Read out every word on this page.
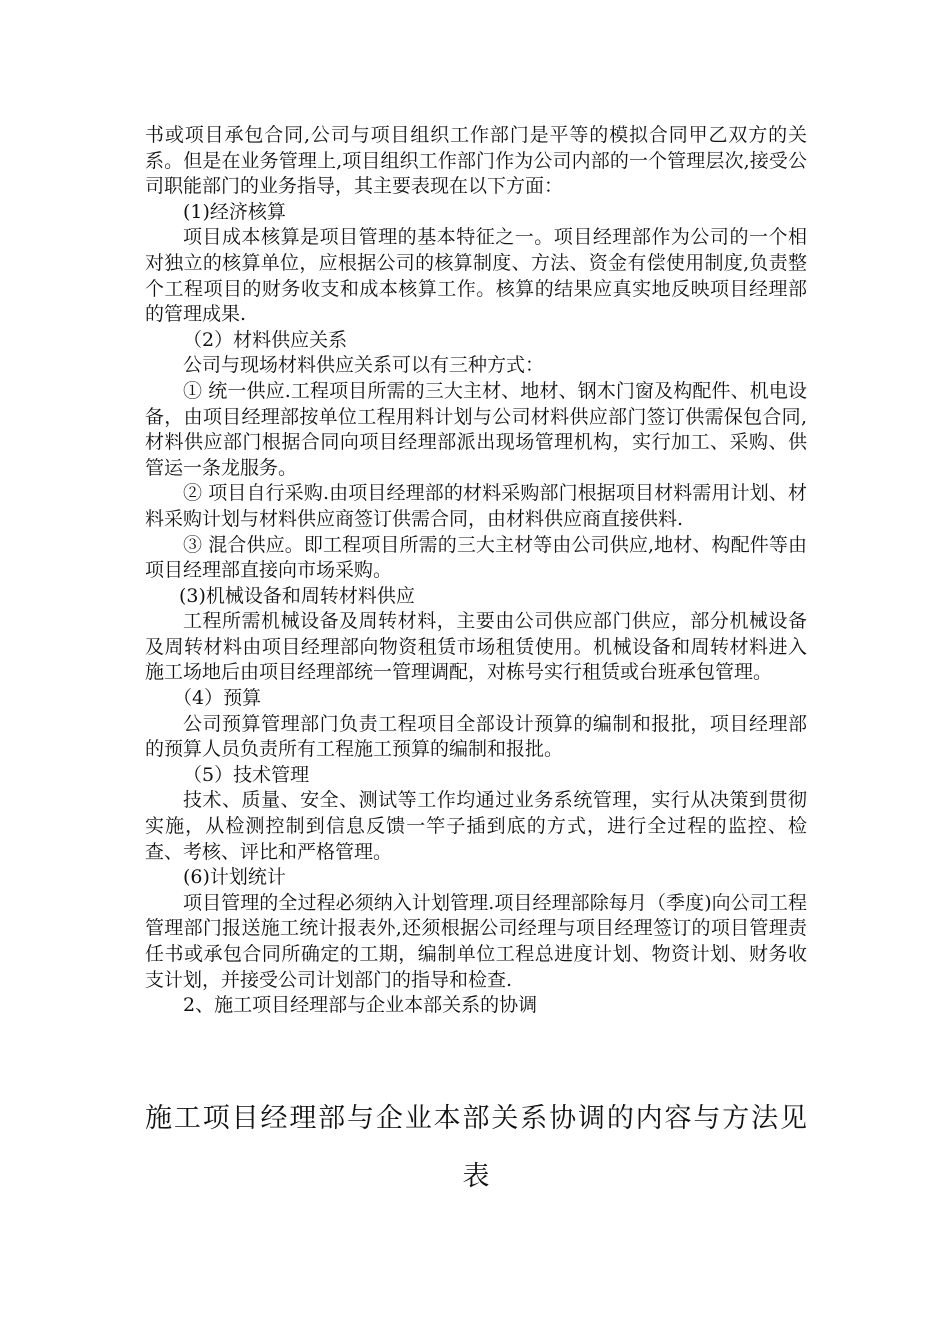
书或项目承包合同,公司与项目组织工作部门是平等的模拟合同甲乙双方的关系。但是在业务管理上,项目组织工作部门作为公司内部的一个管理层次,接受公司职能部门的业务指导，其主要表现在以下方面：

(1)经济核算

项目成本核算是项目管理的基本特征之一。项目经理部作为公司的一个相对独立的核算单位，应根据公司的核算制度、方法、资金有偿使用制度,负责整个工程项目的财务收支和成本核算工作。核算的结果应真实地反映项目经理部的管理成果.

（2）材料供应关系

公司与现场材料供应关系可以有三种方式：

① 统一供应.工程项目所需的三大主材、地材、钢木门窗及构配件、机电设备，由项目经理部按单位工程用料计划与公司材料供应部门签订供需保包合同,材料供应部门根据合同向项目经理部派出现场管理机构，实行加工、采购、供管运一条龙服务。

② 项目自行采购.由项目经理部的材料采购部门根据项目材料需用计划、材料采购计划与材料供应商签订供需合同，由材料供应商直接供料.

③ 混合供应。即工程项目所需的三大主材等由公司供应,地材、构配件等由项目经理部直接向市场采购。

(3)机械设备和周转材料供应

工程所需机械设备及周转材料，主要由公司供应部门供应，部分机械设备及周转材料由项目经理部向物资租赁市场租赁使用。机械设备和周转材料进入施工场地后由项目经理部统一管理调配，对栋号实行租赁或台班承包管理。

（4）预算

公司预算管理部门负责工程项目全部设计预算的编制和报批，项目经理部的预算人员负责所有工程施工预算的编制和报批。

（5）技术管理

技术、质量、安全、测试等工作均通过业务系统管理，实行从决策到贯彻实施，从检测控制到信息反馈一竿子插到底的方式，进行全过程的监控、检查、考核、评比和严格管理。

(6)计划统计

项目管理的全过程必须纳入计划管理.项目经理部除每月（季度)向公司工程管理部门报送施工统计报表外,还须根据公司经理与项目经理签订的项目管理责任书或承包合同所确定的工期，编制单位工程总进度计划、物资计划、财务收支计划，并接受公司计划部门的指导和检查.

2、施工项目经理部与企业本部关系的协调

施工项目经理部与企业本部关系协调的内容与方法见
表
